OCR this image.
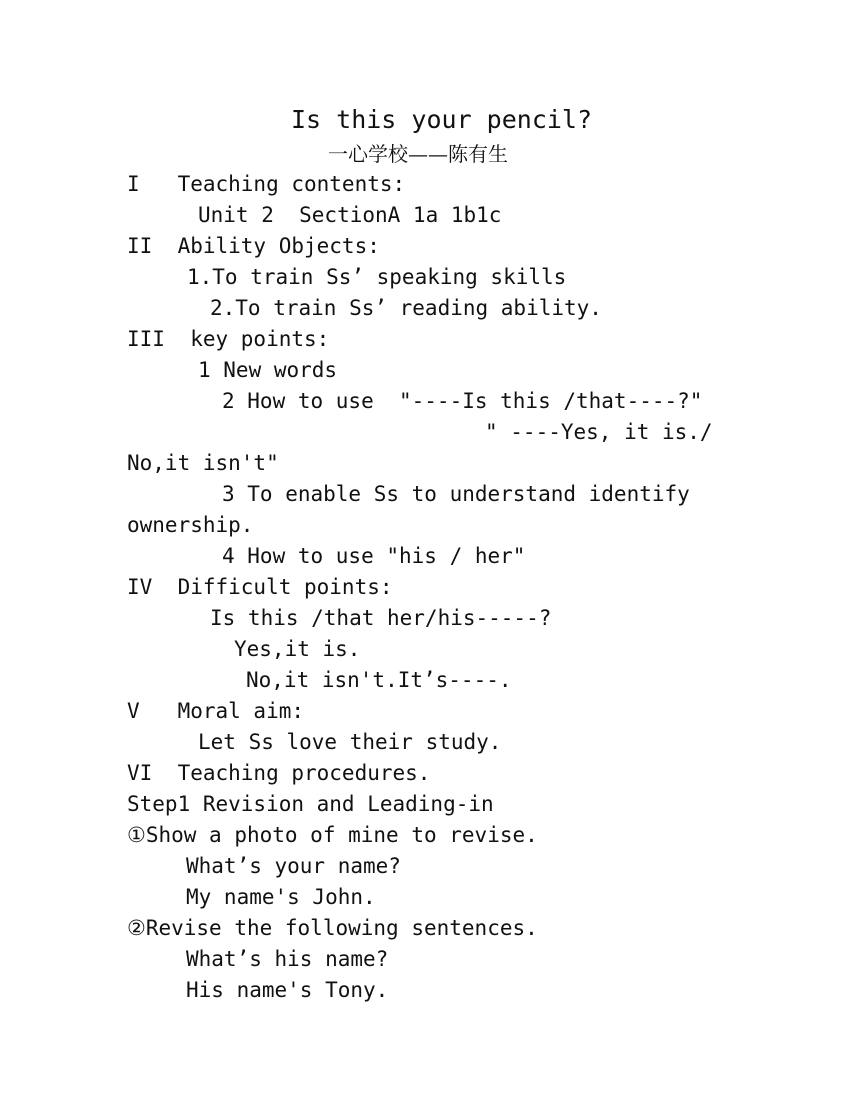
Is this your pencil?
一心学校——陈有生
I   Teaching contents:
Unit 2  SectionA 1a 1b1c
II  Ability Objects:
1.To train Ss’ speaking skills
2.To train Ss’ reading ability.
III  key points:
1 New words
2 How to use  "----Is this /that----?"
" ----Yes, it is./
No,it isn't"
3 To enable Ss to understand identify
ownership.
4 How to use "his / her"
IV  Difficult points:
Is this /that her/his-----?
Yes,it is.
No,it isn't.It’s----.
V   Moral aim:
Let Ss love their study.
VI  Teaching procedures.
Step1 Revision and Leading-in
①Show a photo of mine to revise.
What’s your name?
My name's John.
②Revise the following sentences.
What’s his name?
His name's Tony.
